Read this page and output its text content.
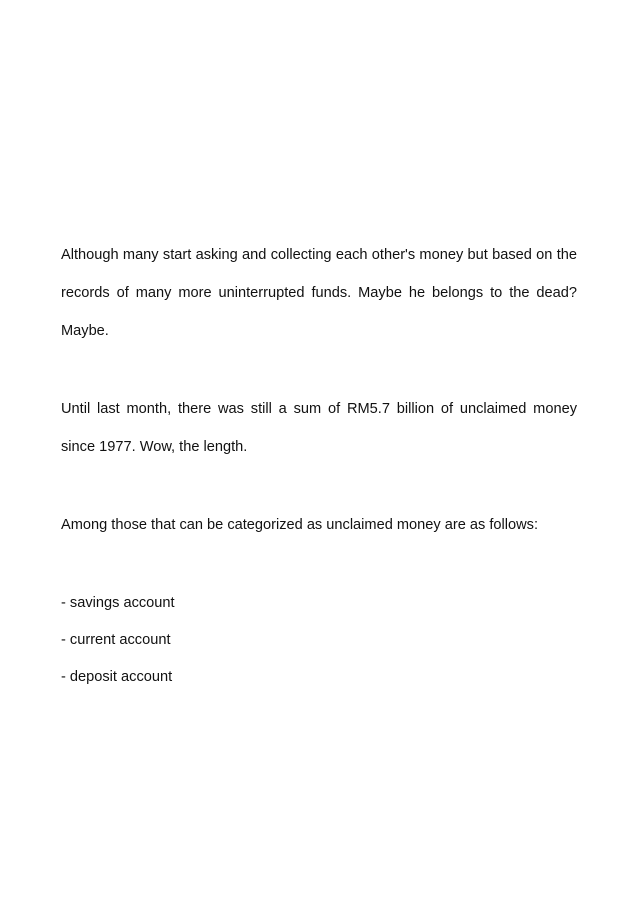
Although many start asking and collecting each other's money but based on the records of many more uninterrupted funds. Maybe he belongs to the dead? Maybe.

Until last month, there was still a sum of RM5.7 billion of unclaimed money since 1977. Wow, the length.

Among those that can be categorized as unclaimed money are as follows:

- savings account
- current account
- deposit account
